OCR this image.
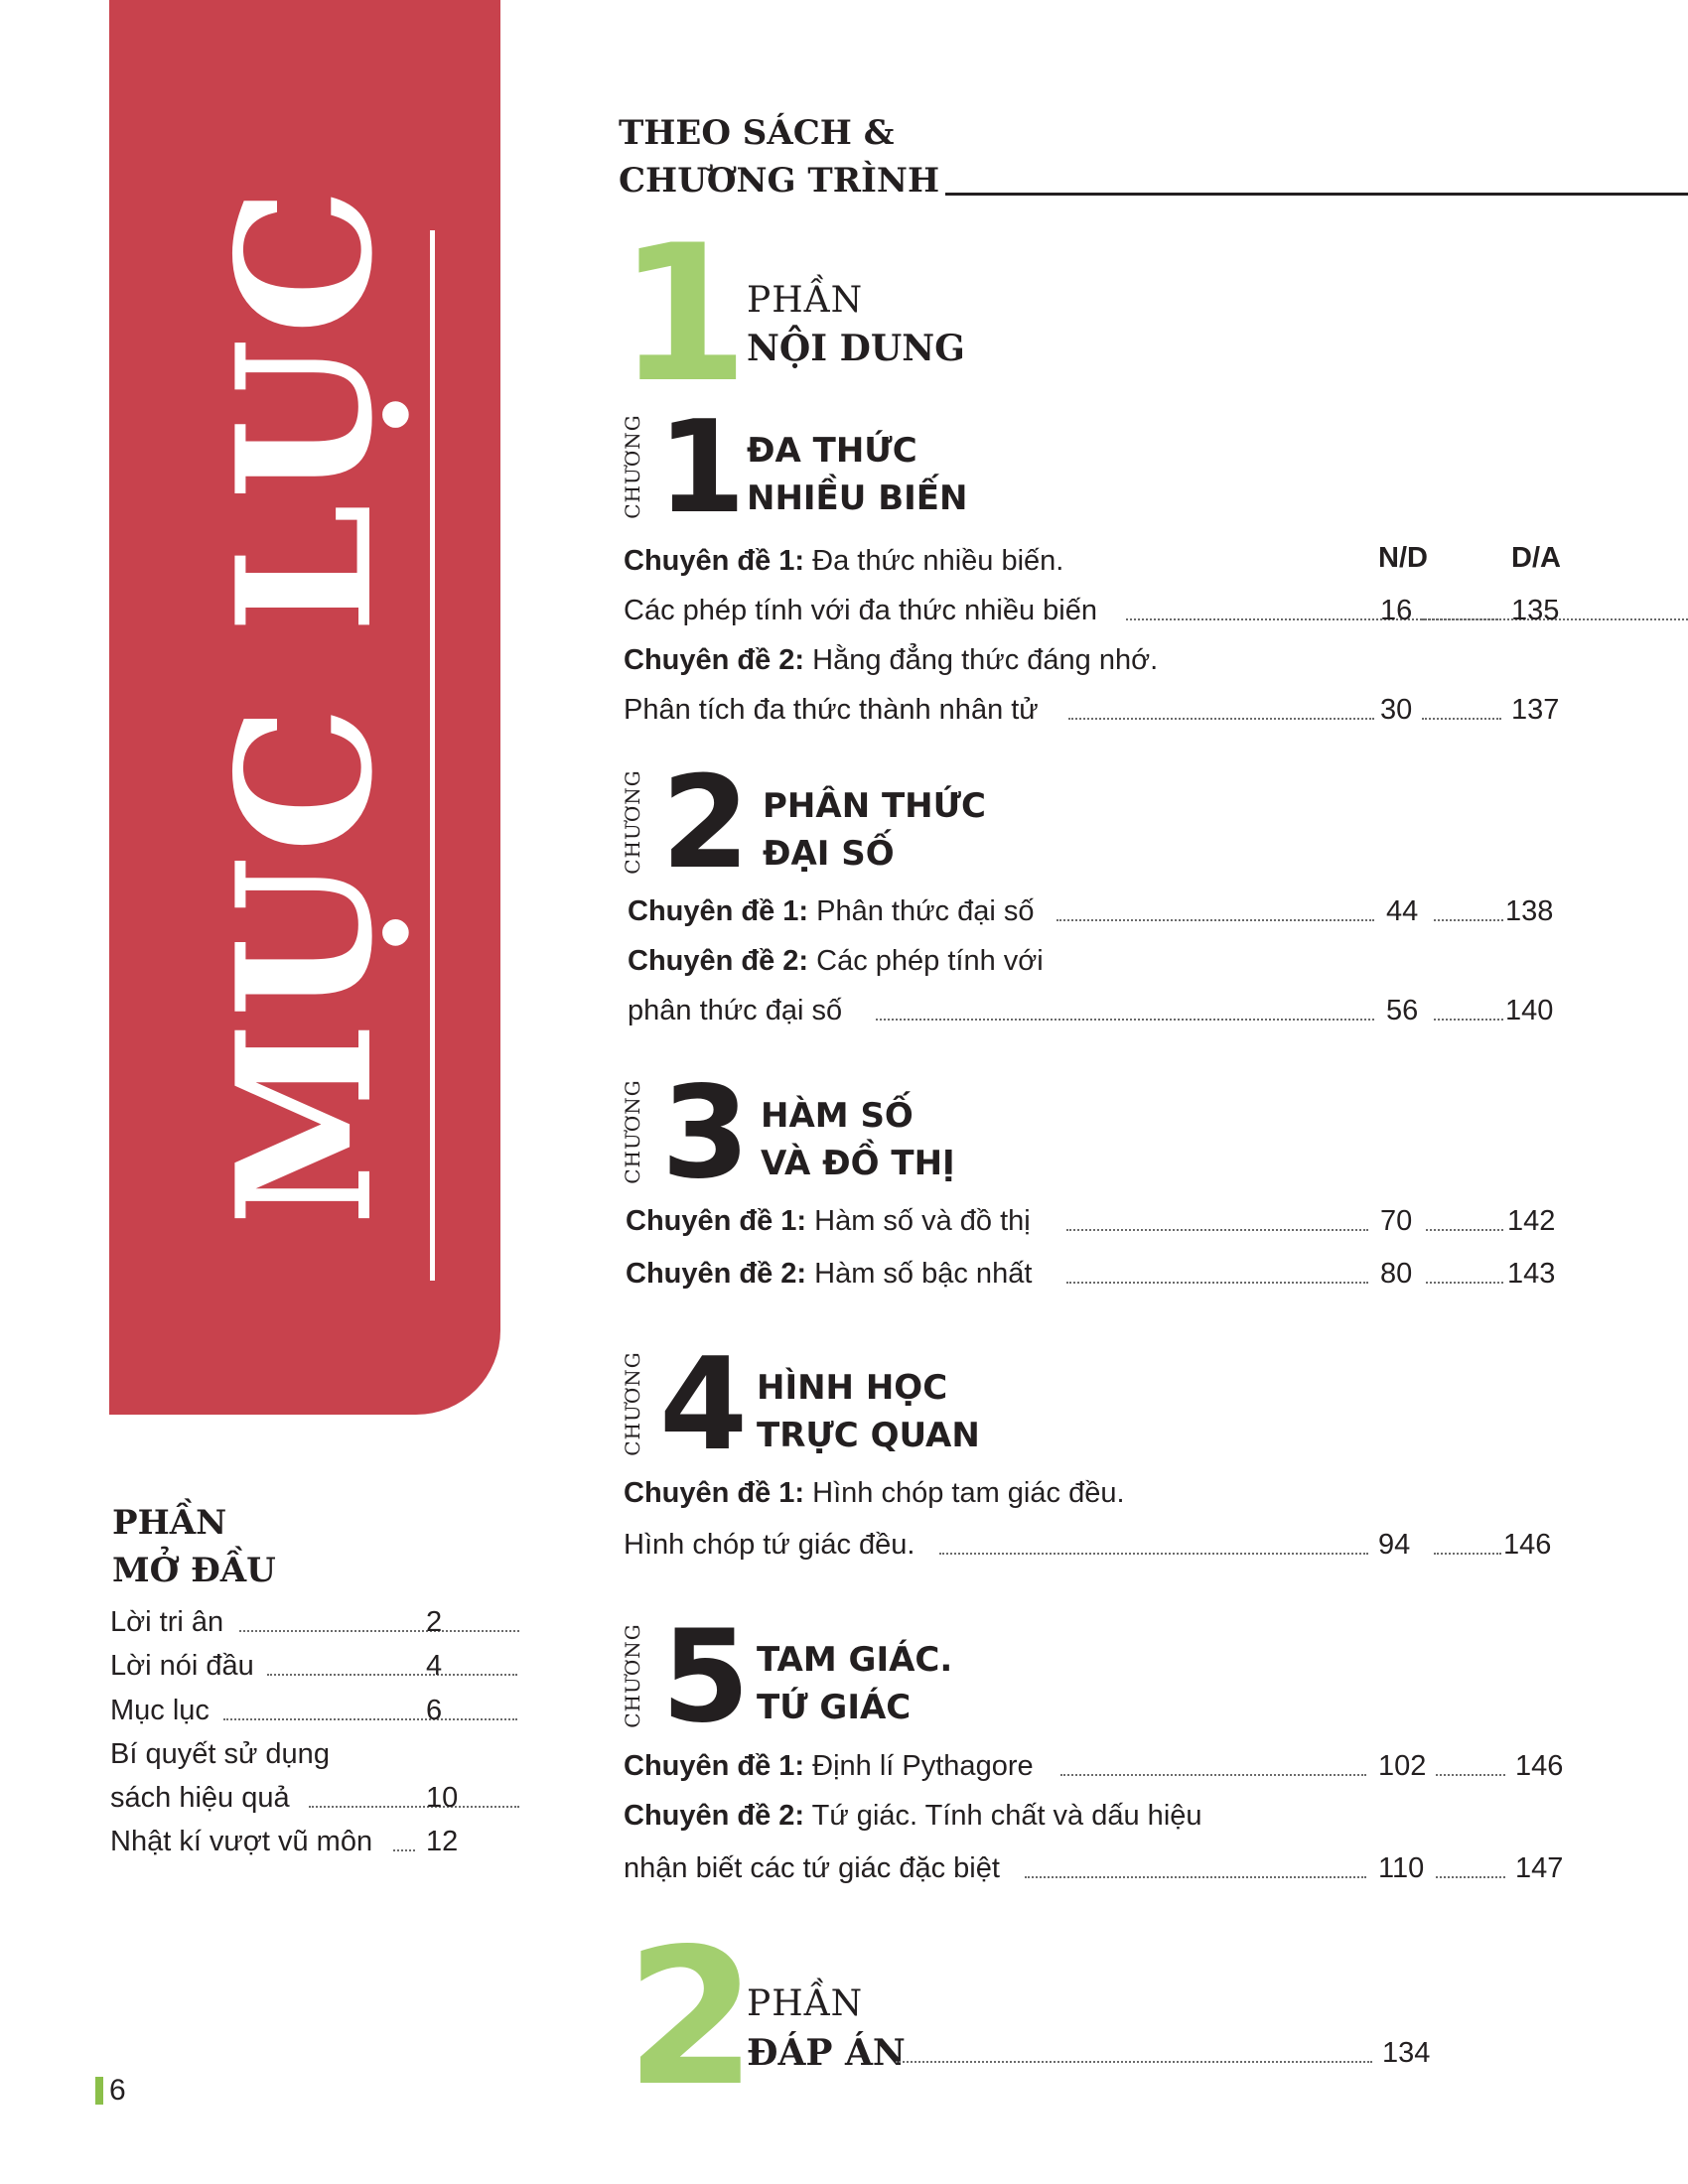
MỤC LỤC
PHẦN
MỞ ĐẦU
Lời tri ân	2
Lời nói đầu	4
Mục lục	6
Bí quyết sử dụng
sách hiệu quả	10
Nhật kí vượt vũ môn 12
THEO SÁCH &
CHƯƠNG TRÌNH
1
PHẦN
NỘI DUNG
N/D	D/A
CHƯƠNG 1 ĐA THỨC
NHIỀU BIẾN
Chuyên đề 1: Đa thức nhiều biến.
Các phép tính với đa thức nhiều biến	16	135
Chuyên đề 2: Hằng đẳng thức đáng nhớ.
Phân tích đa thức thành nhân tử	30	137
CHƯƠNG 2 PHÂN THỨC
ĐẠI SỐ
Chuyên đề 1: Phân thức đại số	44	138
Chuyên đề 2: Các phép tính với
phân thức đại số	56	140
CHƯƠNG 3 HÀM SỐ
VÀ ĐỒ THỊ
Chuyên đề 1: Hàm số và đồ thị	70	142
Chuyên đề 2: Hàm số bậc nhất	80	143
CHƯƠNG 4 HÌNH HỌC
TRỰC QUAN
Chuyên đề 1: Hình chóp tam giác đều.
Hình chóp tứ giác đều.	94	146
CHƯƠNG 5 TAM GIÁC.
TỨ GIÁC
Chuyên đề 1: Định lí Pythagore	102	146
Chuyên đề 2: Tứ giác. Tính chất và dấu hiệu
nhận biết các tứ giác đặc biệt	110	147
2
PHẦN
ĐÁP ÁN	134
6
